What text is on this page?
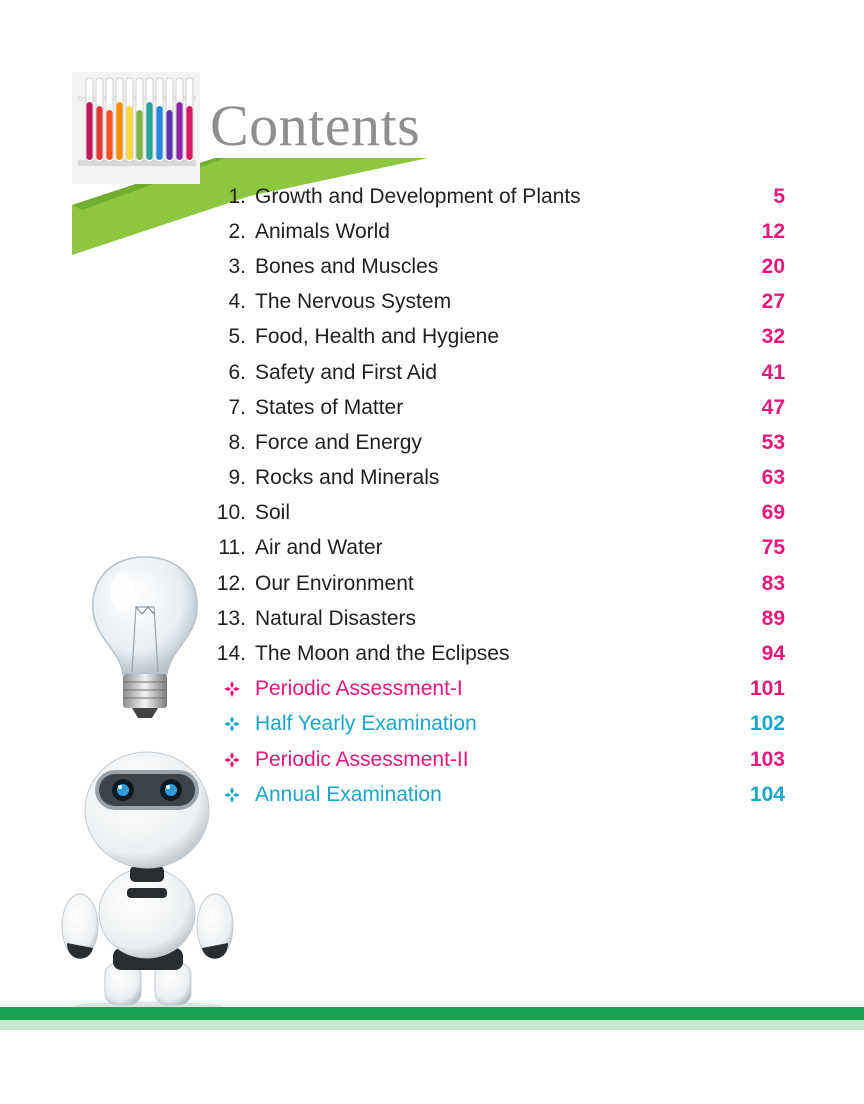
Contents
1. Growth and Development of Plants	5
2. Animals World	12
3. Bones and Muscles	20
4. The Nervous System	27
5. Food, Health and Hygiene	32
6. Safety and First Aid	41
7. States of Matter	47
8. Force and Energy	53
9. Rocks and Minerals	63
10. Soil	69
11. Air and Water	75
12. Our Environment	83
13. Natural Disasters	89
14. The Moon and the Eclipses	94
Periodic Assessment-I	101
Half Yearly Examination	102
Periodic Assessment-II	103
Annual Examination	104
